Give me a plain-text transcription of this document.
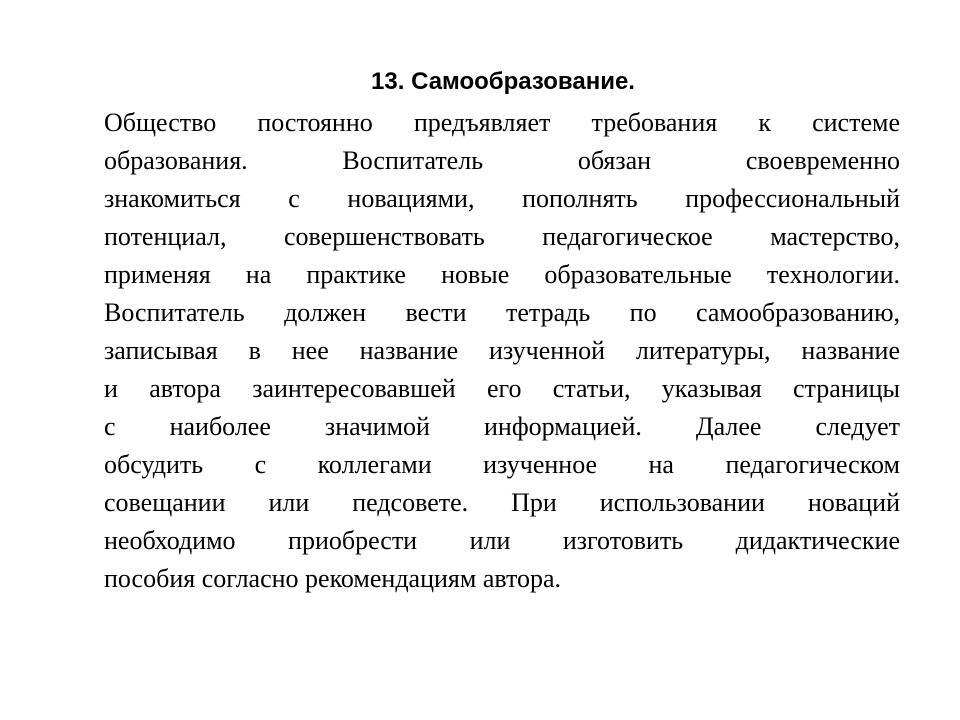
13. Самообразование.
Общество постоянно предъявляет требования к системе
образования. Воспитатель обязан своевременно
знакомиться с новациями, пополнять профессиональный
потенциал, совершенствовать педагогическое мастерство,
применяя на практике новые образовательные технологии.
Воспитатель должен вести тетрадь по самообразованию,
записывая в нее название изученной литературы, название
и автора заинтересовавшей его статьи, указывая страницы
с наиболее значимой информацией. Далее следует
обсудить с коллегами изученное на педагогическом
совещании или педсовете. При использовании новаций
необходимо приобрести или изготовить дидактические
пособия согласно рекомендациям автора.
